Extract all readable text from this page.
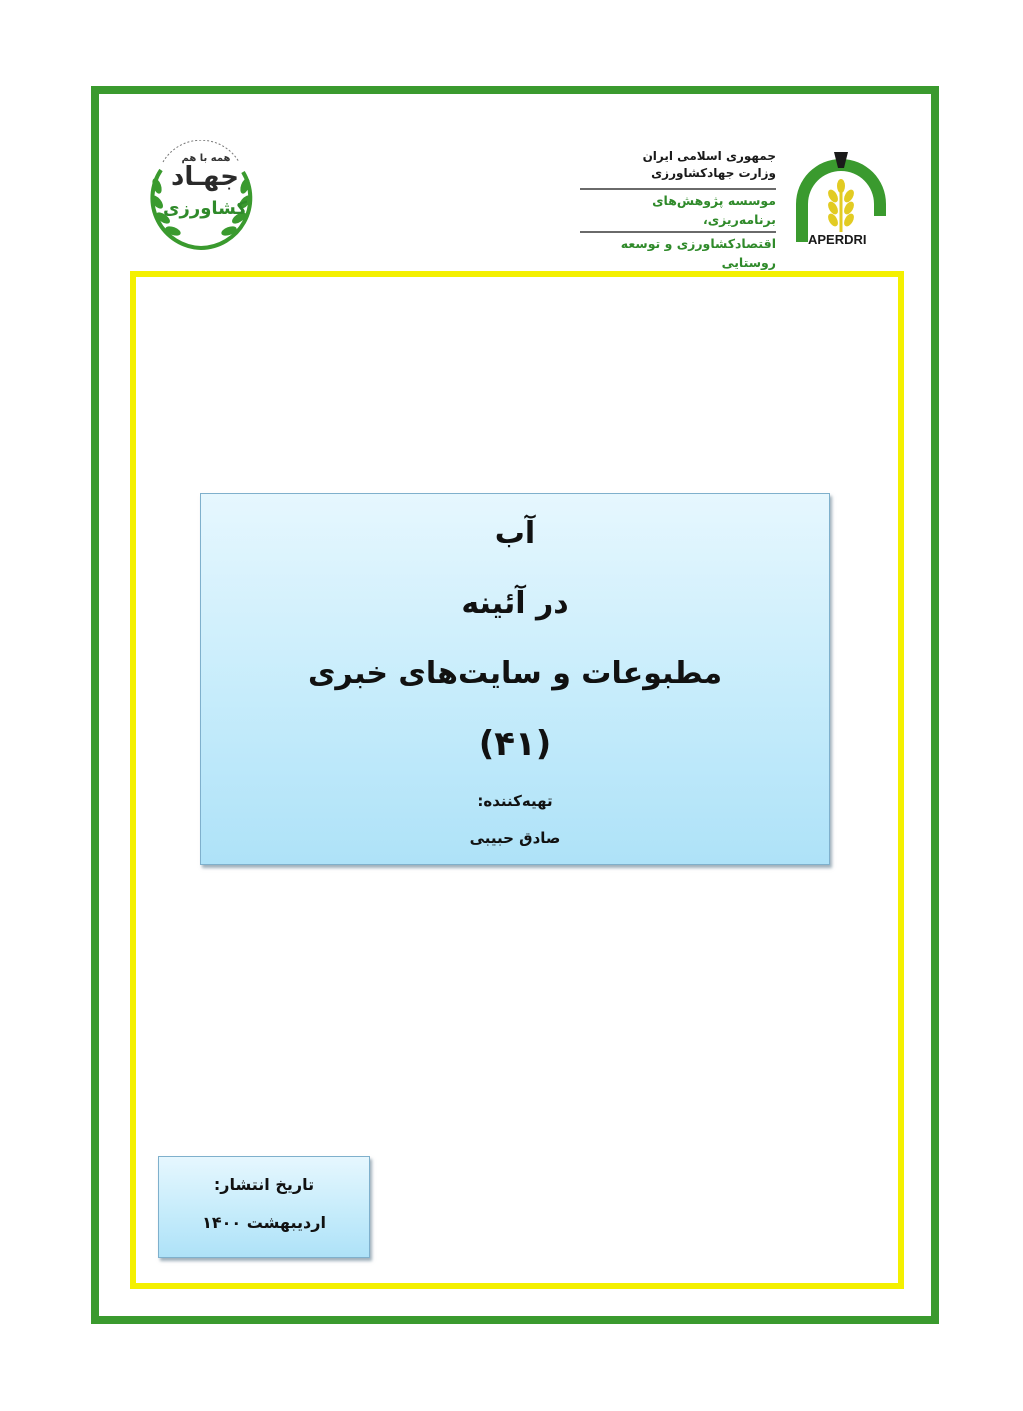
APERDRI
جمهوری اسلامی ایران
وزارت جهادکشاورزی
موسسه پژوهش‌های برنامه‌ریزی،
اقتصادکشاورزی و توسعه روستایی
همه با هم
جهـاد
کشاورزی
آب
در آئینه
مطبوعات و سایت‌های خبری
(۴۱)
تهیه‌کننده:
صادق حبیبی
تاریخ انتشار:
اردیبهشت ۱۴۰۰
